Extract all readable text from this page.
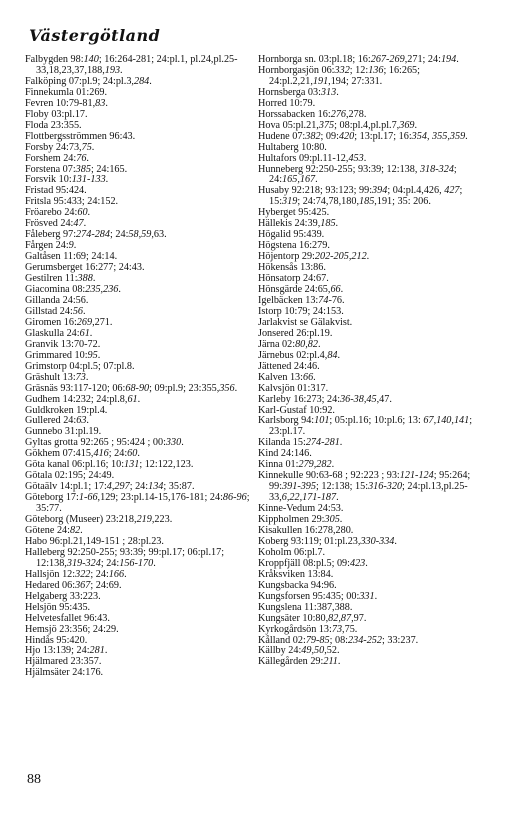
Västergötland
Falbygden 98:140; 16:264-281; 24:pl.1, pl.24,pl.25-33,18,23,37,188,193.
Falköping 07:pl.9; 24:pl.3,284.
Finnekumla 01:269.
Fevren 10:79-81,83.
Floby 03:pl.17.
Floda 23:355.
Flottbergsströmmen 96:43.
Forsby 24:73,75.
Forshem 24:76.
Forstena 07:385; 24:165.
Forsvik 10:131-133.
Fristad 95:424.
Fritsla 95:433; 24:152.
Fröarebo 24:60.
Frösved 24:47.
Fåleberg 97:274-284; 24:58,59,63.
Fårgen 24:9.
Galtåsen 11:69; 24:14.
Gerumsberget 16:277; 24:43.
Gestilren 11:388.
Giacomina 08:235,236.
Gillanda 24:56.
Gillstad 24:56.
Giromen 16:269,271.
Glaskulla 24:61.
Granvik 13:70-72.
Grimmared 10:95.
Grimstorp 04:pl.5; 07:pl.8.
Gräshult 13:73.
Gräsnäs 93:117-120; 06:68-90; 09:pl.9; 23:355,356.
Gudhem 14:232; 24:pl.8,61.
Guldkroken 19:pl.4.
Gullered 24:63.
Gunnebo 31:pl.19.
Gyltas grotta 92:265 ; 95:424 ; 00:330.
Gökhem 07:415,416; 24:60.
Göta kanal 06:pl.16; 10:131; 12:122,123.
Götala 02:195; 24:49.
Götaälv 14:pl.1; 17:4,297; 24:134; 35:87.
Göteborg 17:1-66,129; 23:pl.14-15,176-181; 24:86-96; 35:77.
Göteborg (Museer) 23:218,219,223.
Götene 24:82.
Habo 96:pl.21,149-151 ; 28:pl.23.
Halleberg 92:250-255; 93:39; 99:pl.17; 06:pl.17; 12:138,319-324; 24:156-170.
Hallsjön 12:322; 24:166.
Hedared 06:367; 24:69.
Helgaberg 33:223.
Helsjön 95:435.
Helvetesfallet 96:43.
Hemsjö 23:356; 24:29.
Hindås 95:420.
Hjo 13:139; 24:281.
Hjälmared 23:357.
Hjälmsäter 24:176.
Hornborga sn. 03:pl.18; 16:267-269,271; 24:194.
Hornborgasjön 06:332; 12:136; 16:265; 24:pl.2,21,191,194; 27:331.
Hornsberga 03:313.
Horred 10:79.
Horssabacken 16:276,278.
Hova 05:pl.21,375; 08:pl.4,pl.pl.7,369.
Hudene 07:382; 09:420; 13:pl.17; 16:354, 355,359.
Hultaberg 10:80.
Hultafors 09:pl.11-12,453.
Hunneberg 92:250-255; 93:39; 12:138, 318-324; 24:165,167.
Husaby 92:218; 93:123; 99:394; 04:pl.4,426, 427; 15:319; 24:74,78,180,185,191; 35: 206.
Hyberget 95:425.
Hällekis 24:39,185.
Högalid 95:439.
Högstena 16:279.
Höjentorp 29:202-205,212.
Hökensås 13:86.
Hönsatorp 24:67.
Hönsgärde 24:65,66.
Igelbäcken 13:74-76.
Istorp 10:79; 24:153.
Jarlakvist se Gälakvist.
Jonsered 26:pl.19.
Järna 02:80,82.
Järnebus 02:pl.4,84.
Jättened 24:46.
Kalven 13:66.
Kalvsjön 01:317.
Karleby 16:273; 24:36-38,45,47.
Karl-Gustaf 10:92.
Karlsborg 94:101; 05:pl.16; 10:pl.6; 13: 67,140,141; 23:pl.17.
Kilanda 15:274-281.
Kind 24:146.
Kinna 01:279,282.
Kinnekulle 90:63-68 ; 92:223 ; 93:121-124; 95:264; 99:391-395; 12:138; 15:316-320; 24:pl.13,pl.25-33,6,22,171-187.
Kinne-Vedum 24:53.
Kippholmen 29:305.
Kisakullen 16:278,280.
Koberg 93:119; 01:pl.23,330-334.
Koholm 06:pl.7.
Kroppfjäll 08:pl.5; 09:423.
Kråksviken 13:84.
Kungsbacka 94:96.
Kungsforsen 95:435; 00:331.
Kungslena 11:387,388.
Kungsäter 10:80,82,87,97.
Kyrkogårdsön 13:73,75.
Kålland 02:79-85; 08:234-252; 33:237.
Källby 24:49,50,52.
Källegården 29:211.
88
